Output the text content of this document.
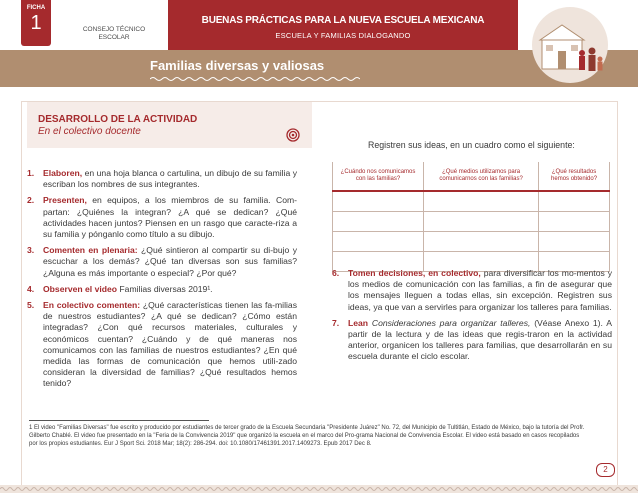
FICHA
1	CONSEJO TÉCNICO
ESCOLAR
BUENAS PRÁCTICAS PARA LA NUEVA ESCUELA MEXICANA
ESCUELA Y FAMILIAS DIALOGANDO
Familias diversas y valiosas
DESARROLLO DE LA ACTIVIDAD
En el colectivo docente
1. Elaboren, en una hoja blanca o cartulina, un dibujo de su familia y escriban los nombres de sus integrantes.
2. Presenten, en equipos, a los miembros de su familia. Com-partan: ¿Quiénes la integran? ¿A qué se dedican? ¿Qué actividades hacen juntos? Piensen en un rasgo que caracte-riza a su familia y pónganlo como título a su dibujo.
3. Comenten en plenaria: ¿Qué sintieron al compartir su di-bujo y escuchar a los demás? ¿Qué tan diversas son sus familias? ¿Alguna es más importante o especial? ¿Por qué?
4. Observen el video Familias diversas 2019¹.
5. En colectivo comenten: ¿Qué características tienen las fa-milias de nuestros estudiantes? ¿A qué se dedican? ¿Cómo están integradas? ¿Con qué recursos materiales, culturales y económicos cuentan? ¿Cuándo y de qué maneras nos comunicamos con las familias de nuestros estudiantes? ¿En qué medida las formas de comunicación que hemos utili-zado consideran la diversidad de familias? ¿Qué resultados hemos tenido?
Registren sus ideas, en un cuadro como el siguiente:
¿Cuándo nos comunicamos con las familias?	¿Qué medios utilizamos para comunicarnos con las familias?	¿Qué resultados hemos obtenido?

6. Tomen decisiones, en colectivo, para diversificar los mo-mentos y los medios de comunicación con las familias, a fin de asegurar que los mensajes lleguen a todas ellas, sin excepción. Registren sus ideas, ya que van a servirles para organizar los talleres para familias.
7. Lean Consideraciones para organizar talleres, (Véase Anexo 1). A partir de la lectura y de las ideas que regis-traron en la actividad anterior, organicen los talleres para familias, que desarrollarán en su escuela durante el ciclo escolar.
1 El video "Familias Diversas" fue escrito y producido por estudiantes de tercer grado de la Escuela Secundaria "Presidente Juárez" No. 72, del Municipio de Tultitlán, Estado de México, bajo la tutoría del Profr. Gilberto Chablé. El video fue presentado en la "Feria de la Convivencia 2019" que organizó la escuela en el marco del Pro-grama Nacional de Convivencia Escolar. El video está basado en casos recopilados por los propios estudiantes. Eur J Sport Sci. 2018 Mar; 18(2): 286-294. doi: 10.1080/17461391.2017.1409273. Epub 2017 Dec 8.
2
